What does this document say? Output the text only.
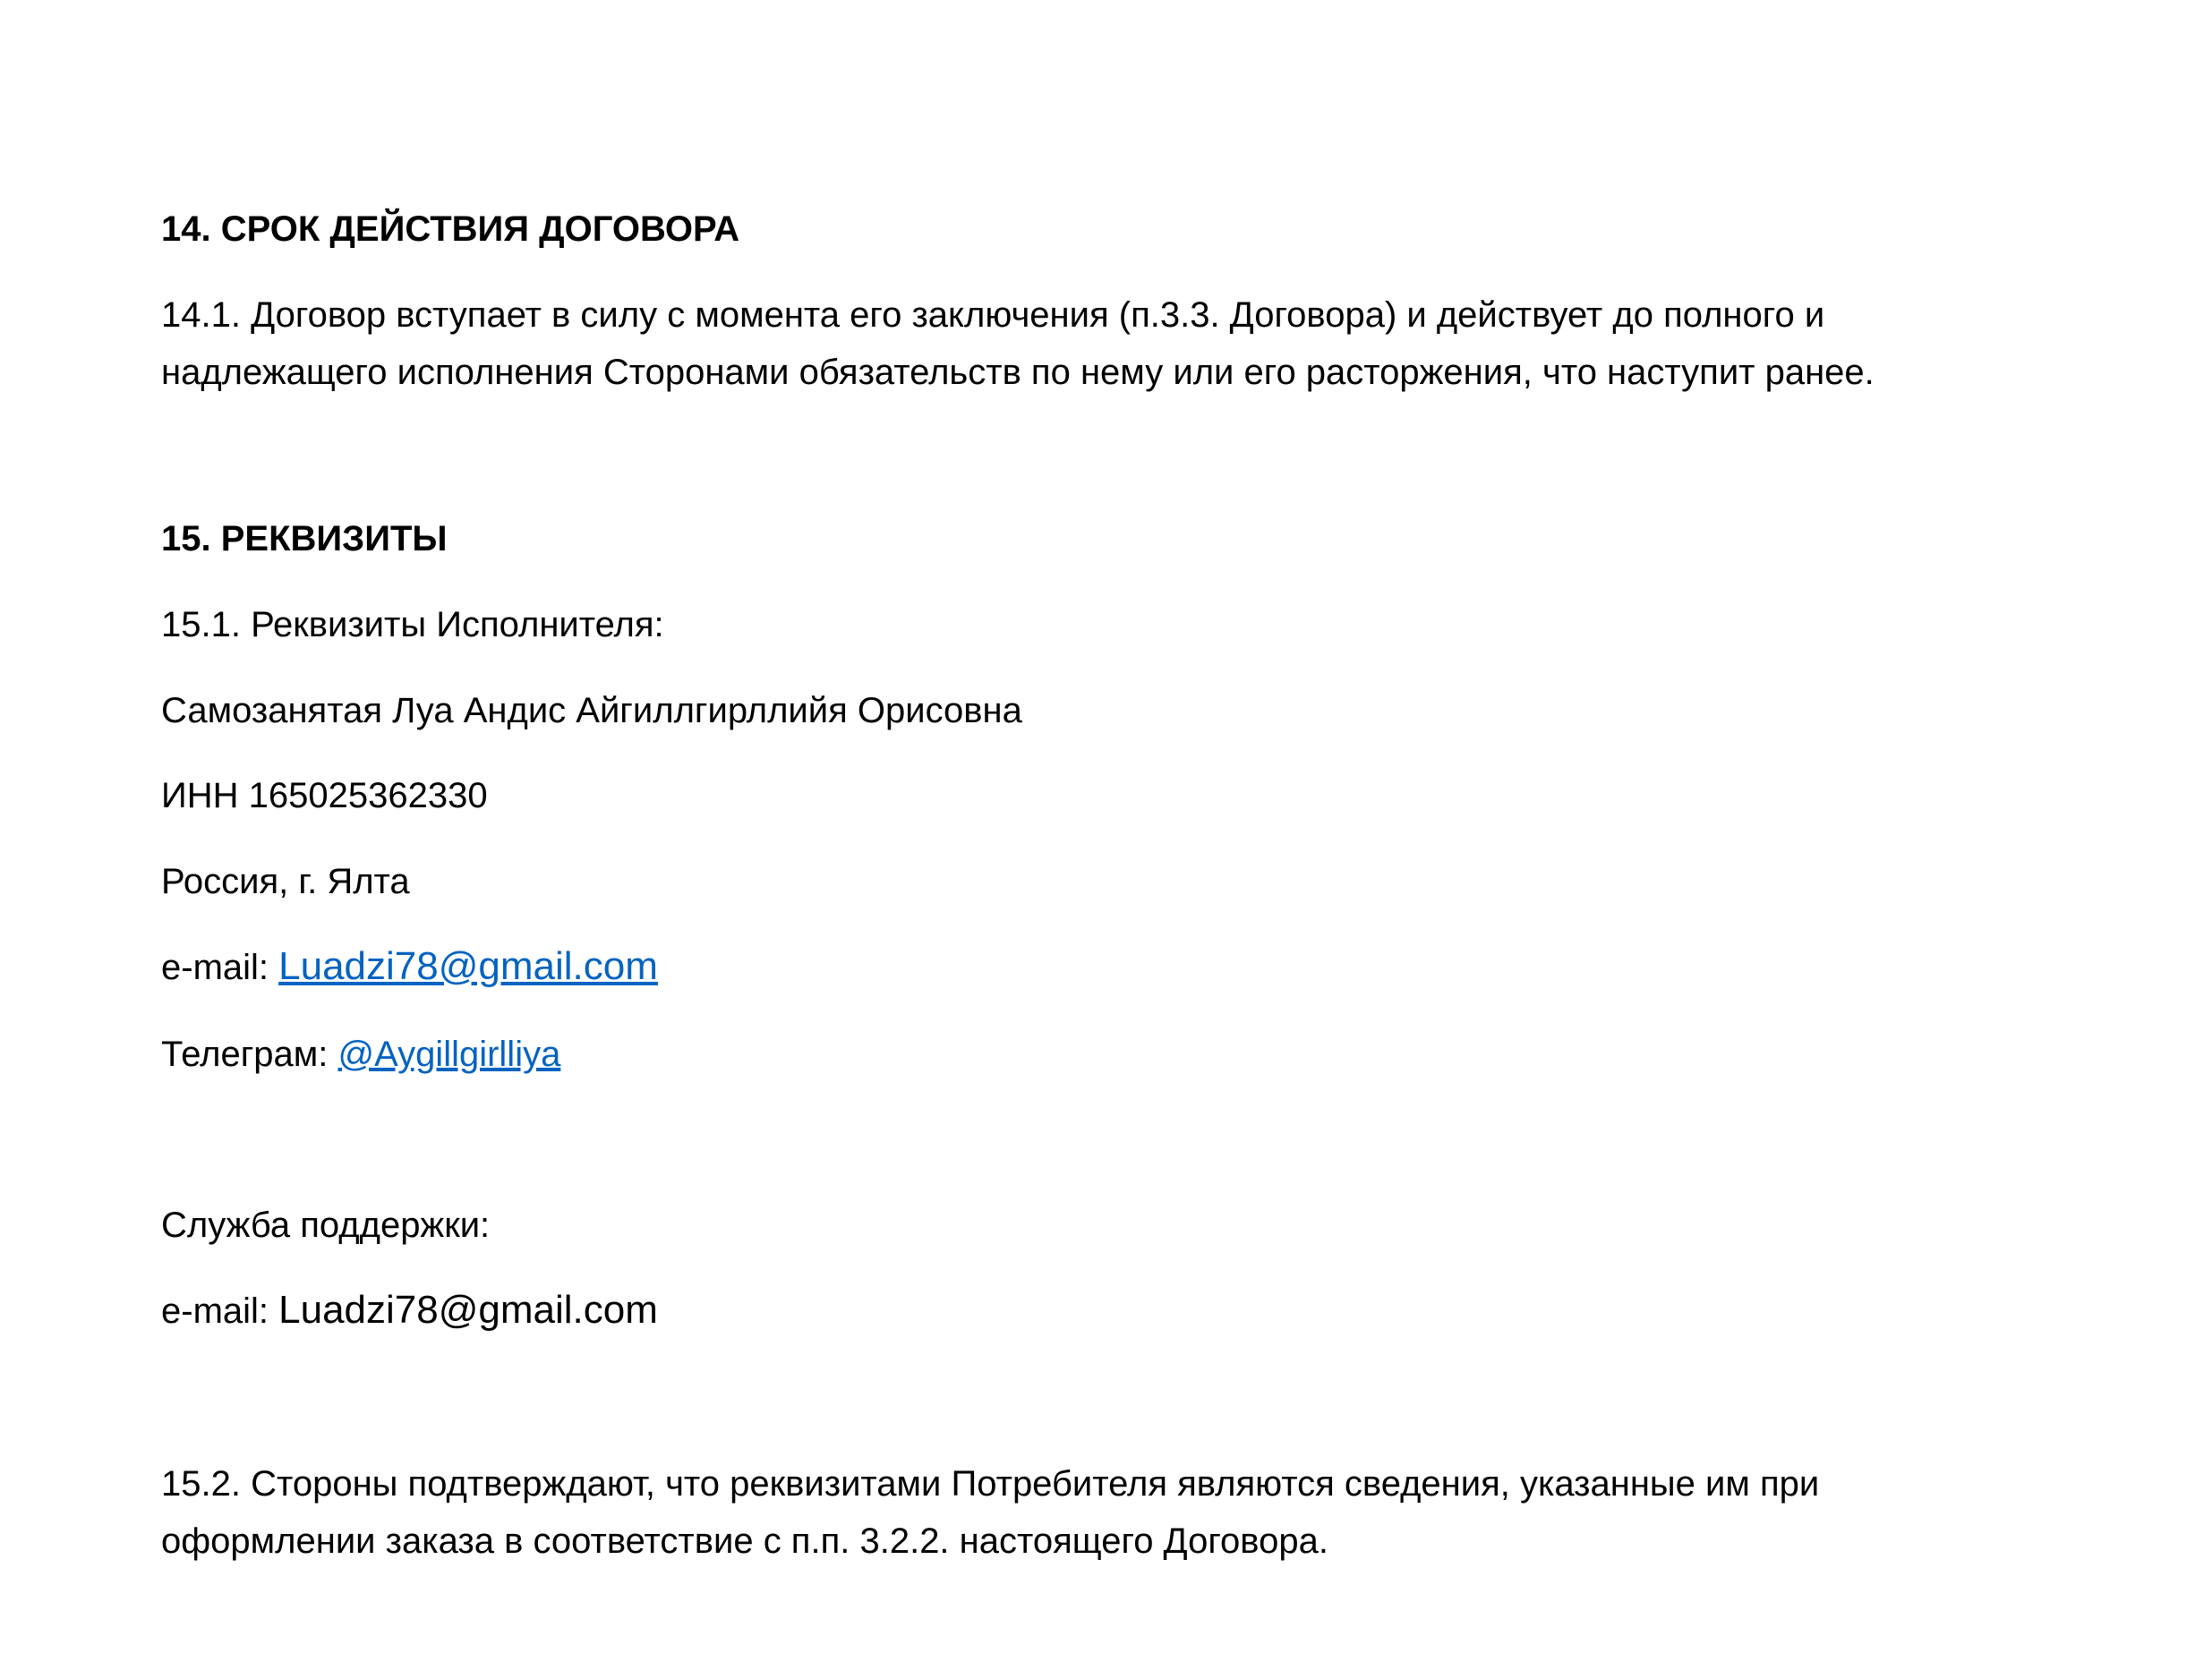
14. СРОК ДЕЙСТВИЯ ДОГОВОРА

14.1. Договор вступает в силу с момента его заключения (п.3.3. Договора) и действует до полного и

надлежащего исполнения Сторонами обязательств по нему или его расторжения, что наступит ранее.

15. РЕКВИЗИТЫ

15.1. Реквизиты Исполнителя:

Самозанятая Луа Андис Айгиллгирллийя Орисовна

ИНН 165025362330

Россия, г. Ялта

e-mail: Luadzi78@gmail.com

Телеграм: @Aygillgirlliya

Служба поддержки:

e-mail: Luadzi78@gmail.com

15.2. Стороны подтверждают, что реквизитами Потребителя являются сведения, указанные им при

оформлении заказа в соответствие с п.п. 3.2.2. настоящего Договора.
